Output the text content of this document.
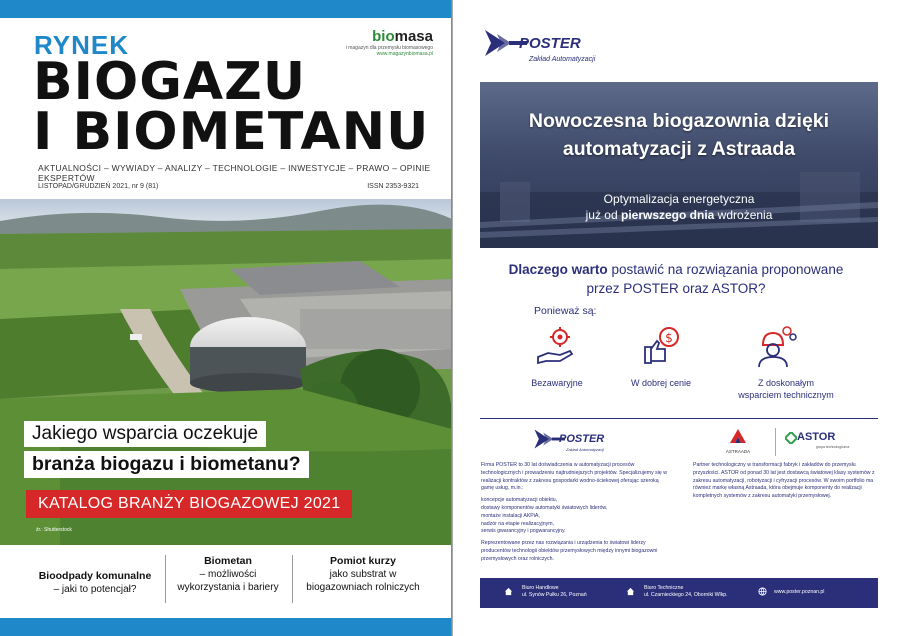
RYNEK
BIOGAZU
I BIOMETANU
biomasa
i magazyn dla przemysłu biomasowego
www.magazynbiomasa.pl
AKTUALNOŚCI – WYWIADY – ANALIZY – TECHNOLOGIE – INWESTYCJE – PRAWO – OPINIE EKSPERTÓW
LISTOPAD/GRUDZIEŃ 2021, nr 9 (81)	ISSN 2353-9321
Jakiego wsparcia oczekuje
branża biogazu i biometanu?
KATALOG BRANŻY BIOGAZOWEJ 2021
źr.: Shutterstock
Bioodpady komunalne
– jaki to potencjał?
Biometan
– możliwości wykorzystania i bariery
Pomiot kurzy
jako substrat w biogazowniach rolniczych
POSTER
Zakład Automatyzacji
Nowoczesna biogazownia dzięki
automatyzacji z Astraada
Optymalizacja energetyczna
już od pierwszego dnia wdrożenia
Dlaczego warto postawić na rozwiązania proponowane
przez POSTER oraz ASTOR?
Ponieważ są:
Bezawaryjne
$
W dobrej cenie	Z doskonałym
wsparciem technicznym
POSTER
Zakład Automatyzacji	ASTRAADA
ASTOR
grupa technologiczna

Firma POSTER to 30 lat doświadczenia w automatyzacji procesów technologicznych i prowadzeniu najtrudniejszych projektów. Specjalizujemy się w realizacji kontraktów z zakresu gospodarki wodno-ściekowej oferując szeroką gamę usług, m.in.:

koncepcje automatyzacji obiektu,
dostawy komponentów automatyki światowych liderów,
montaże instalacji AKPiA,
nadzór na etapie realizacyjnym,
serwis gwarancyjny i pogwarancyjny.

Reprezentowane przez nas rozwiązania i urządzenia to światowi liderzy producentów technologii obiektów przemysłowych między innymi biogazowni przemysłowych oraz rolniczych.

Partner technologiczny w transformacji fabryk i zakładów do przemysłu przyszłości. ASTOR od ponad 30 lat jest dostawcą światowej klasy systemów z zakresu automatyzacji, robotyzacji i cyfryzacji procesów. W swoim portfolio ma również markę własną Astraada, która obejmuje komponenty do realizacji kompletnych systemów z zakresu automatyki przemysłowej.

Biuro Handlowe
ul. Synów Pułku 26, Poznań
Biuro Techniczne
ul. Czarnieckiego 24, Oborniki Wlkp.	www.poster.poznan.pl
